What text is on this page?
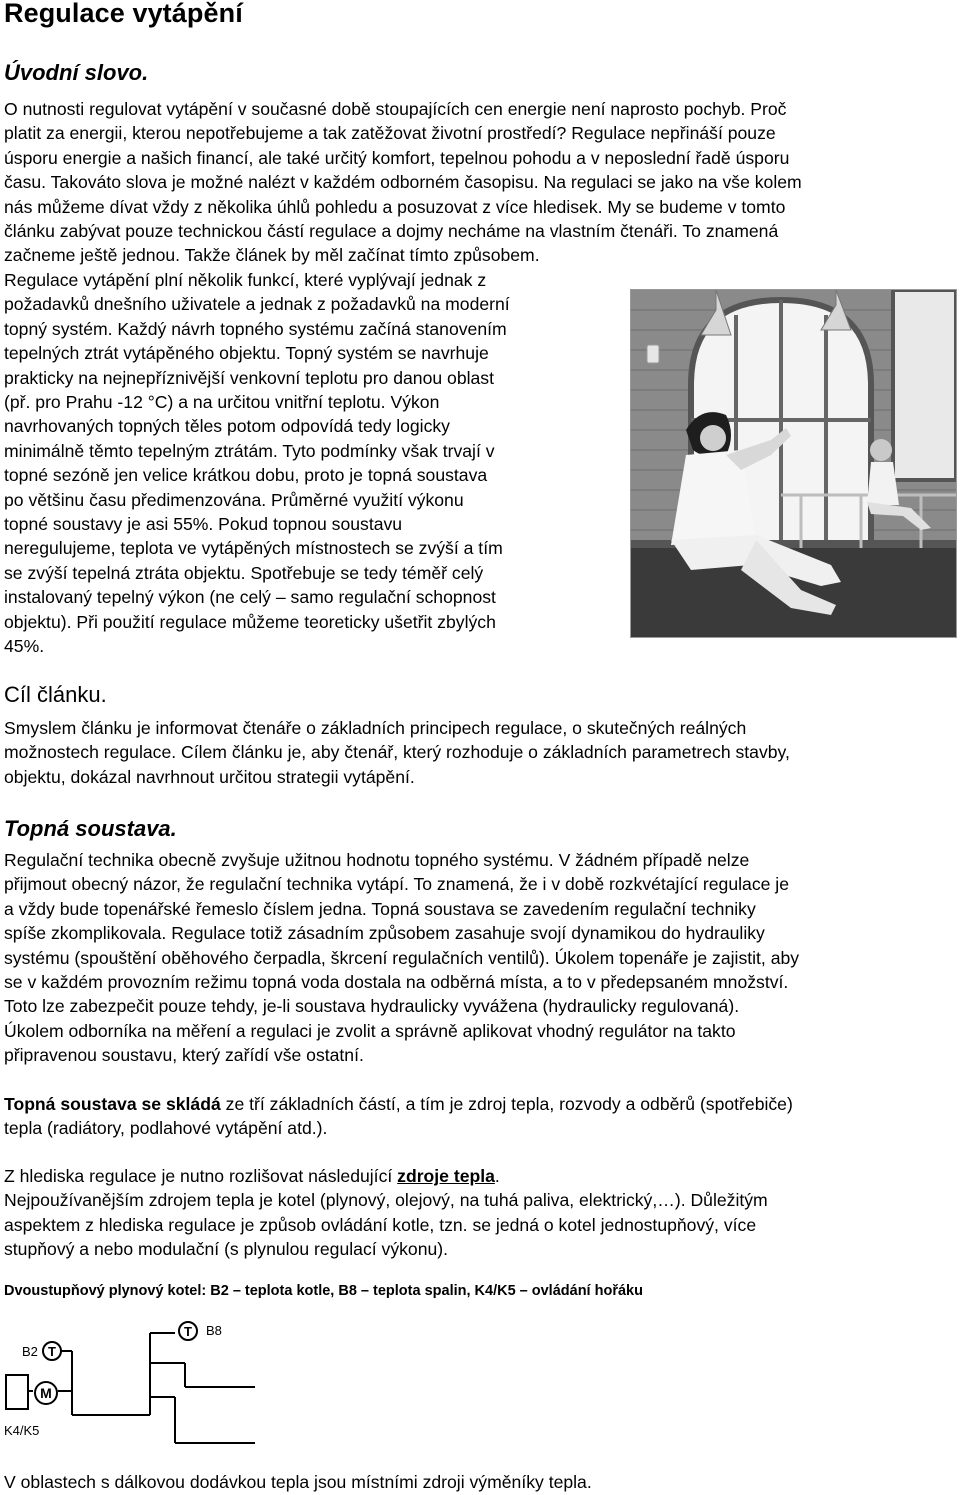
Regulace vytápění
Úvodní slovo.

O nutnosti regulovat vytápění v současné době stoupajících cen energie není naprosto pochyb. Proč
platit za energii, kterou nepotřebujeme a tak zatěžovat životní prostředí? Regulace nepřináší pouze
úsporu energie a našich financí, ale také určitý komfort, tepelnou pohodu a v neposlední řadě úsporu
času. Takováto slova je možné nalézt v každém odborném časopisu. Na regulaci se jako na vše kolem
nás můžeme dívat vždy z několika úhlů pohledu a posuzovat z více hledisek. My se budeme v tomto
článku zabývat pouze technickou částí regulace a dojmy necháme na vlastním čtenáři. To znamená
začneme ještě jednou. Takže článek by měl začínat tímto způsobem.

Regulace vytápění plní několik funkcí, které vyplývají jednak z
požadavků dnešního uživatele a jednak z požadavků na moderní
topný systém. Každý návrh topného systému začíná stanovením
tepelných ztrát vytápěného objektu. Topný systém se navrhuje
prakticky na nejnepříznivější venkovní teplotu pro danou oblast
(př. pro Prahu -12 °C) a na určitou vnitřní teplotu. Výkon
navrhovaných topných těles potom odpovídá tedy logicky
minimálně těmto tepelným ztrátám. Tyto podmínky však trvají v
topné sezóně jen velice krátkou dobu, proto je topná soustava
po většinu času předimenzována. Průměrné využití výkonu
topné soustavy je asi 55%. Pokud topnou soustavu
neregulujeme, teplota ve vytápěných místnostech se zvýší a tím
se zvýší tepelná ztráta objektu. Spotřebuje se tedy téměř celý
instalovaný tepelný výkon (ne celý – samo regulační schopnost
objektu). Při použití regulace můžeme teoreticky ušetřit zbylých
45%.

Cíl článku.

Smyslem článku je informovat čtenáře o základních principech regulace, o skutečných reálných
možnostech regulace. Cílem článku je, aby čtenář, který rozhoduje o základních parametrech stavby,
objektu, dokázal navrhnout určitou strategii vytápění.

Topná soustava.

Regulační technika obecně zvyšuje užitnou hodnotu topného systému. V žádném případě nelze
přijmout obecný názor, že regulační technika vytápí. To znamená, že i v době rozkvétající regulace je
a vždy bude topenářské řemeslo číslem jedna. Topná soustava se zavedením regulační techniky
spíše zkomplikovala. Regulace totiž zásadním způsobem zasahuje svojí dynamikou do hydrauliky
systému (spouštění oběhového čerpadla, škrcení regulačních ventilů). Úkolem topenáře je zajistit, aby
se v každém provozním režimu topná voda dostala na odběrná místa, a to v předepsaném množství.
Toto lze zabezpečit pouze tehdy, je-li soustava hydraulicky vyvážena (hydraulicky regulovaná).
Úkolem odborníka na měření a regulaci je zvolit a správně aplikovat vhodný regulátor na takto
připravenou soustavu, který zařídí vše ostatní.

Topná soustava se skládá ze tří základních částí, a tím je zdroj tepla, rozvody a odběrů (spotřebiče)
tepla (radiátory, podlahové vytápění atd.).

Z hlediska regulace je nutno rozlišovat následující zdroje tepla.
Nejpoužívanějším zdrojem tepla je kotel (plynový, olejový, na tuhá paliva, elektrický,…). Důležitým
aspektem z hlediska regulace je způsob ovládání kotle, tzn. se jedná o kotel jednostupňový, více
stupňový a nebo modulační (s plynulou regulací výkonu).

Dvoustupňový plynový kotel: B2 – teplota kotle, B8 – teplota spalin, K4/K5 – ovládání hořáku

T
B2
T B8
M
K4/K5

V oblastech s dálkovou dodávkou tepla jsou místními zdroji výměníky tepla.
